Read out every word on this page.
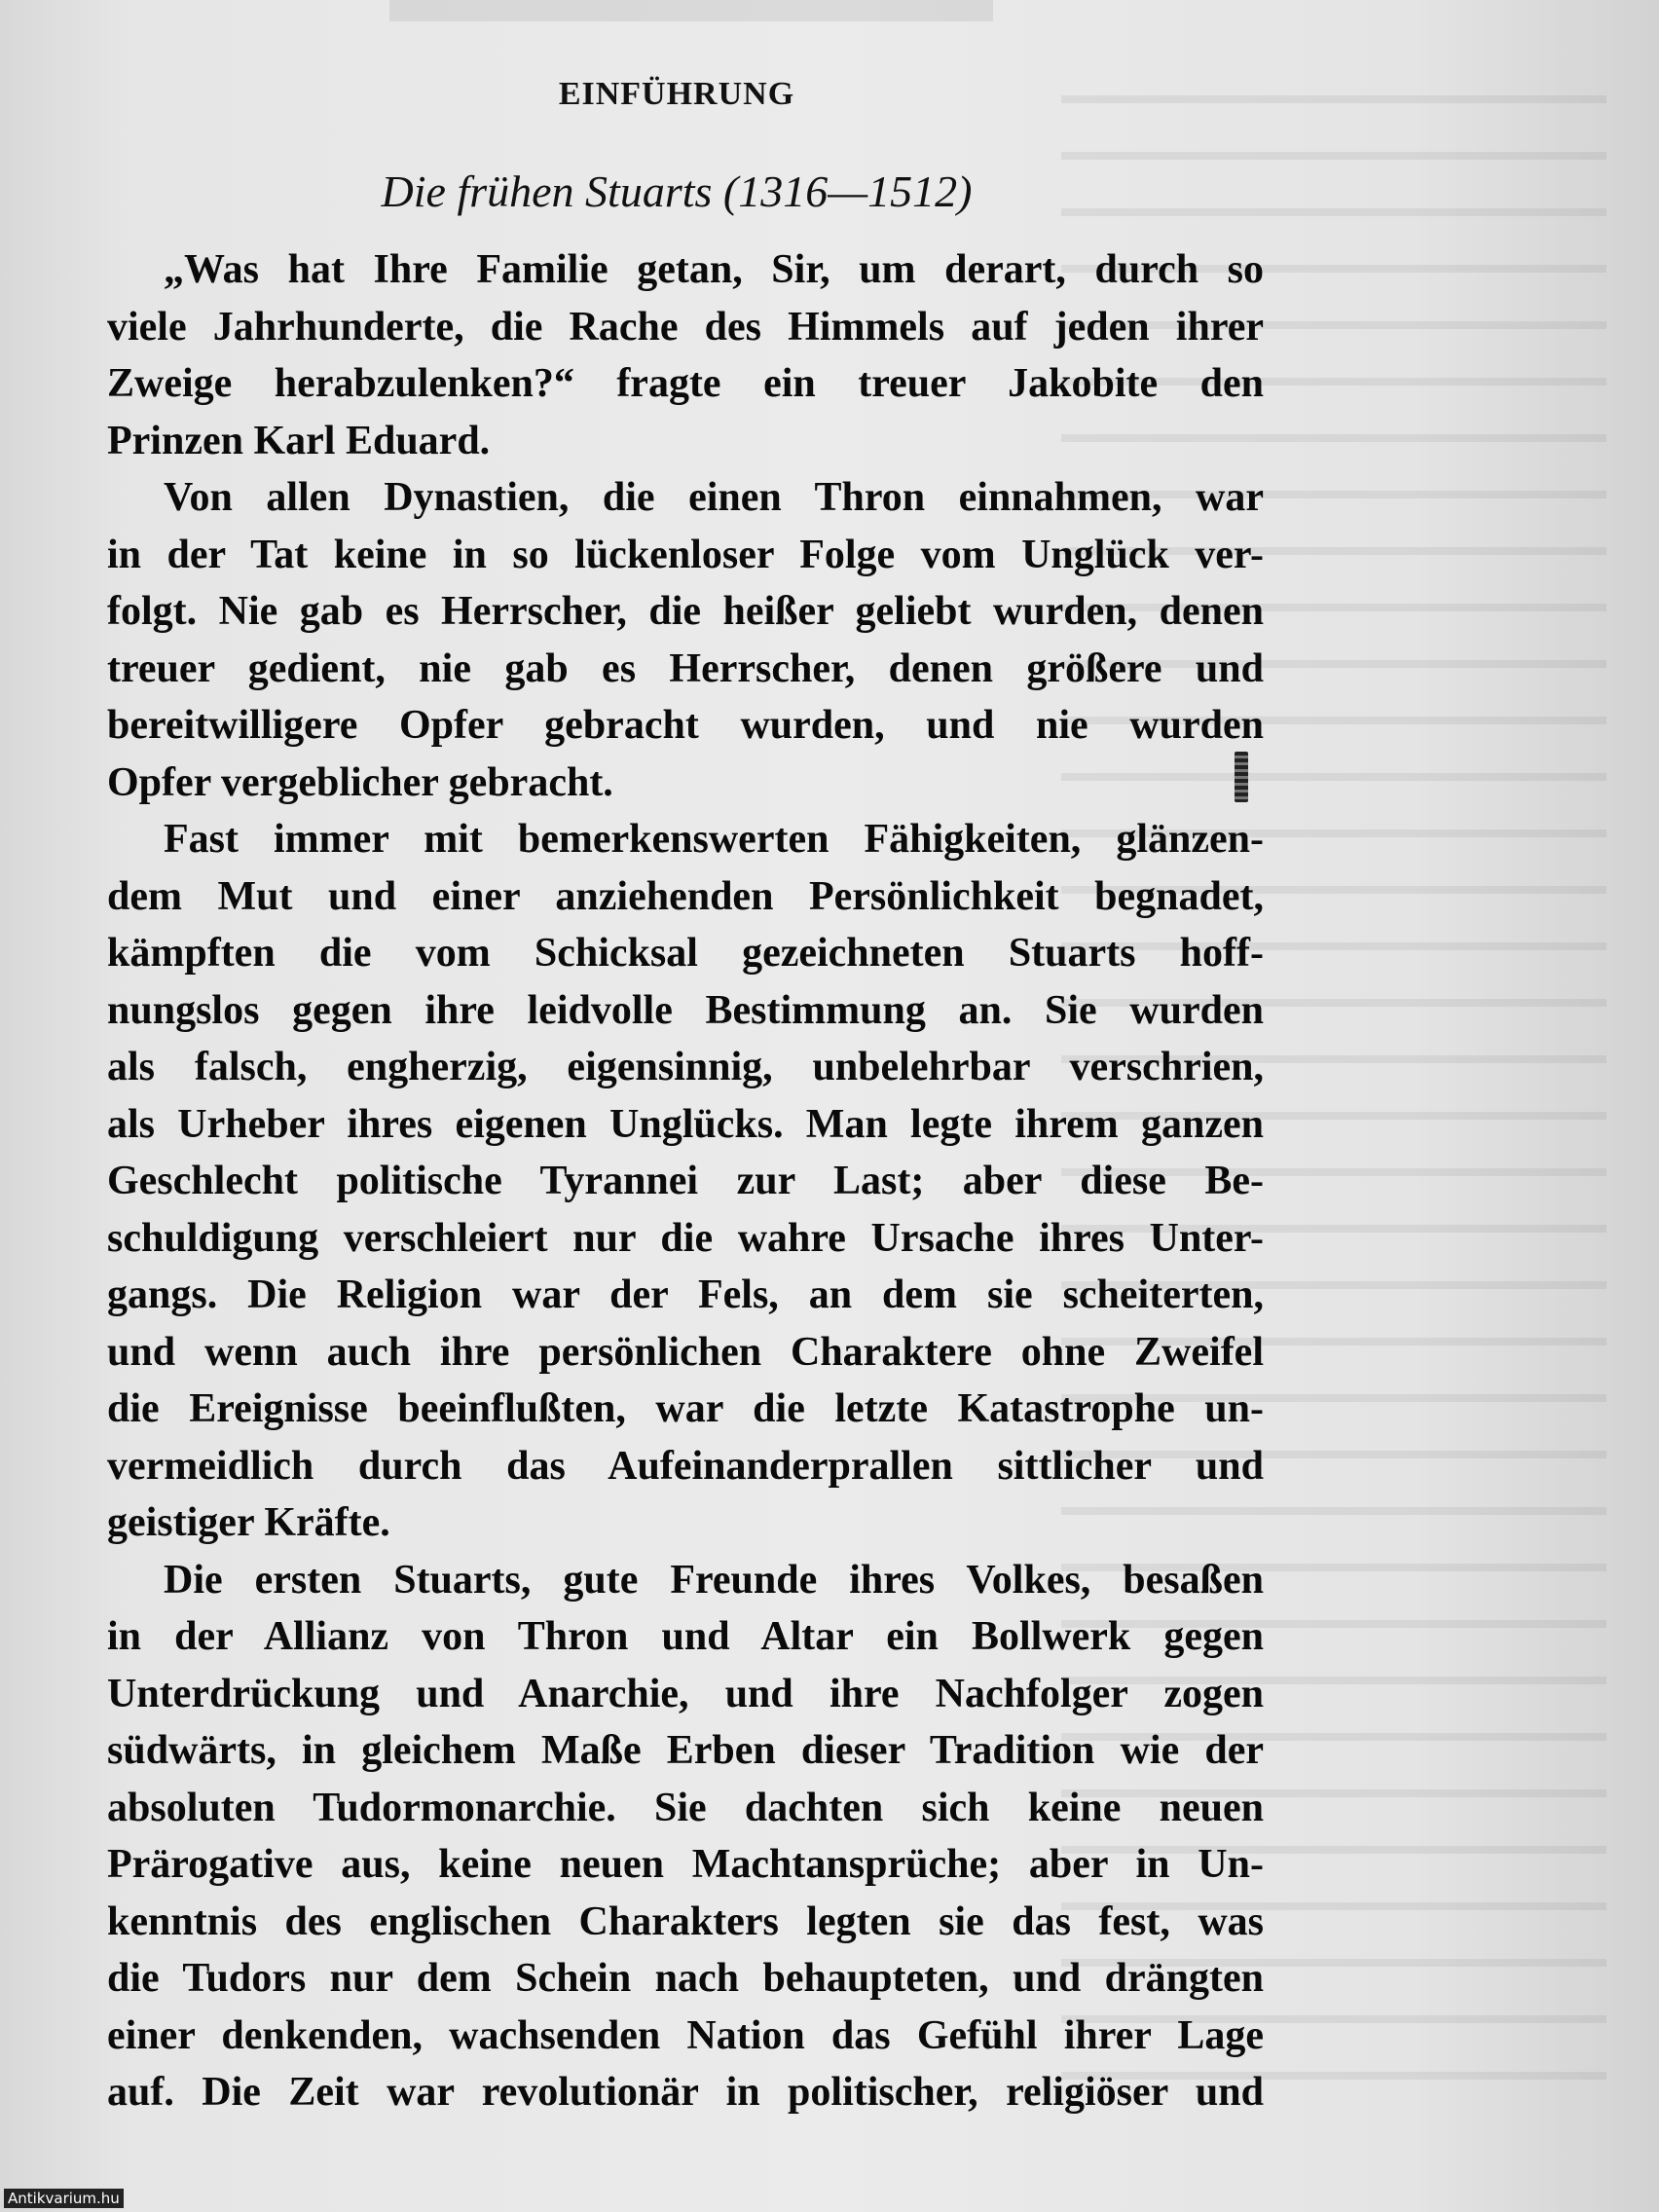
EINFÜHRUNG
Die frühen Stuarts (1316—1512)
„Was hat Ihre Familie getan, Sir, um derart, durch so
viele Jahrhunderte, die Rache des Himmels auf jeden ihrer
Zweige herabzulenken?“ fragte ein treuer Jakobite den
Prinzen Karl Eduard.
Von allen Dynastien, die einen Thron einnahmen, war
in der Tat keine in so lückenloser Folge vom Unglück ver-
folgt. Nie gab es Herrscher, die heißer geliebt wurden, denen
treuer gedient, nie gab es Herrscher, denen größere und
bereitwilligere Opfer gebracht wurden, und nie wurden
Opfer vergeblicher gebracht.
Fast immer mit bemerkenswerten Fähigkeiten, glänzen-
dem Mut und einer anziehenden Persönlichkeit begnadet,
kämpften die vom Schicksal gezeichneten Stuarts hoff-
nungslos gegen ihre leidvolle Bestimmung an. Sie wurden
als falsch, engherzig, eigensinnig, unbelehrbar verschrien,
als Urheber ihres eigenen Unglücks. Man legte ihrem ganzen
Geschlecht politische Tyrannei zur Last; aber diese Be-
schuldigung verschleiert nur die wahre Ursache ihres Unter-
gangs. Die Religion war der Fels, an dem sie scheiterten,
und wenn auch ihre persönlichen Charaktere ohne Zweifel
die Ereignisse beeinflußten, war die letzte Katastrophe un-
vermeidlich durch das Aufeinanderprallen sittlicher und
geistiger Kräfte.
Die ersten Stuarts, gute Freunde ihres Volkes, besaßen
in der Allianz von Thron und Altar ein Bollwerk gegen
Unterdrückung und Anarchie, und ihre Nachfolger zogen
südwärts, in gleichem Maße Erben dieser Tradition wie der
absoluten Tudormonarchie. Sie dachten sich keine neuen
Prärogative aus, keine neuen Machtansprüche; aber in Un-
kenntnis des englischen Charakters legten sie das fest, was
die Tudors nur dem Schein nach behaupteten, und drängten
einer denkenden, wachsenden Nation das Gefühl ihrer Lage
auf. Die Zeit war revolutionär in politischer, religiöser und
Antikvarium.hu
